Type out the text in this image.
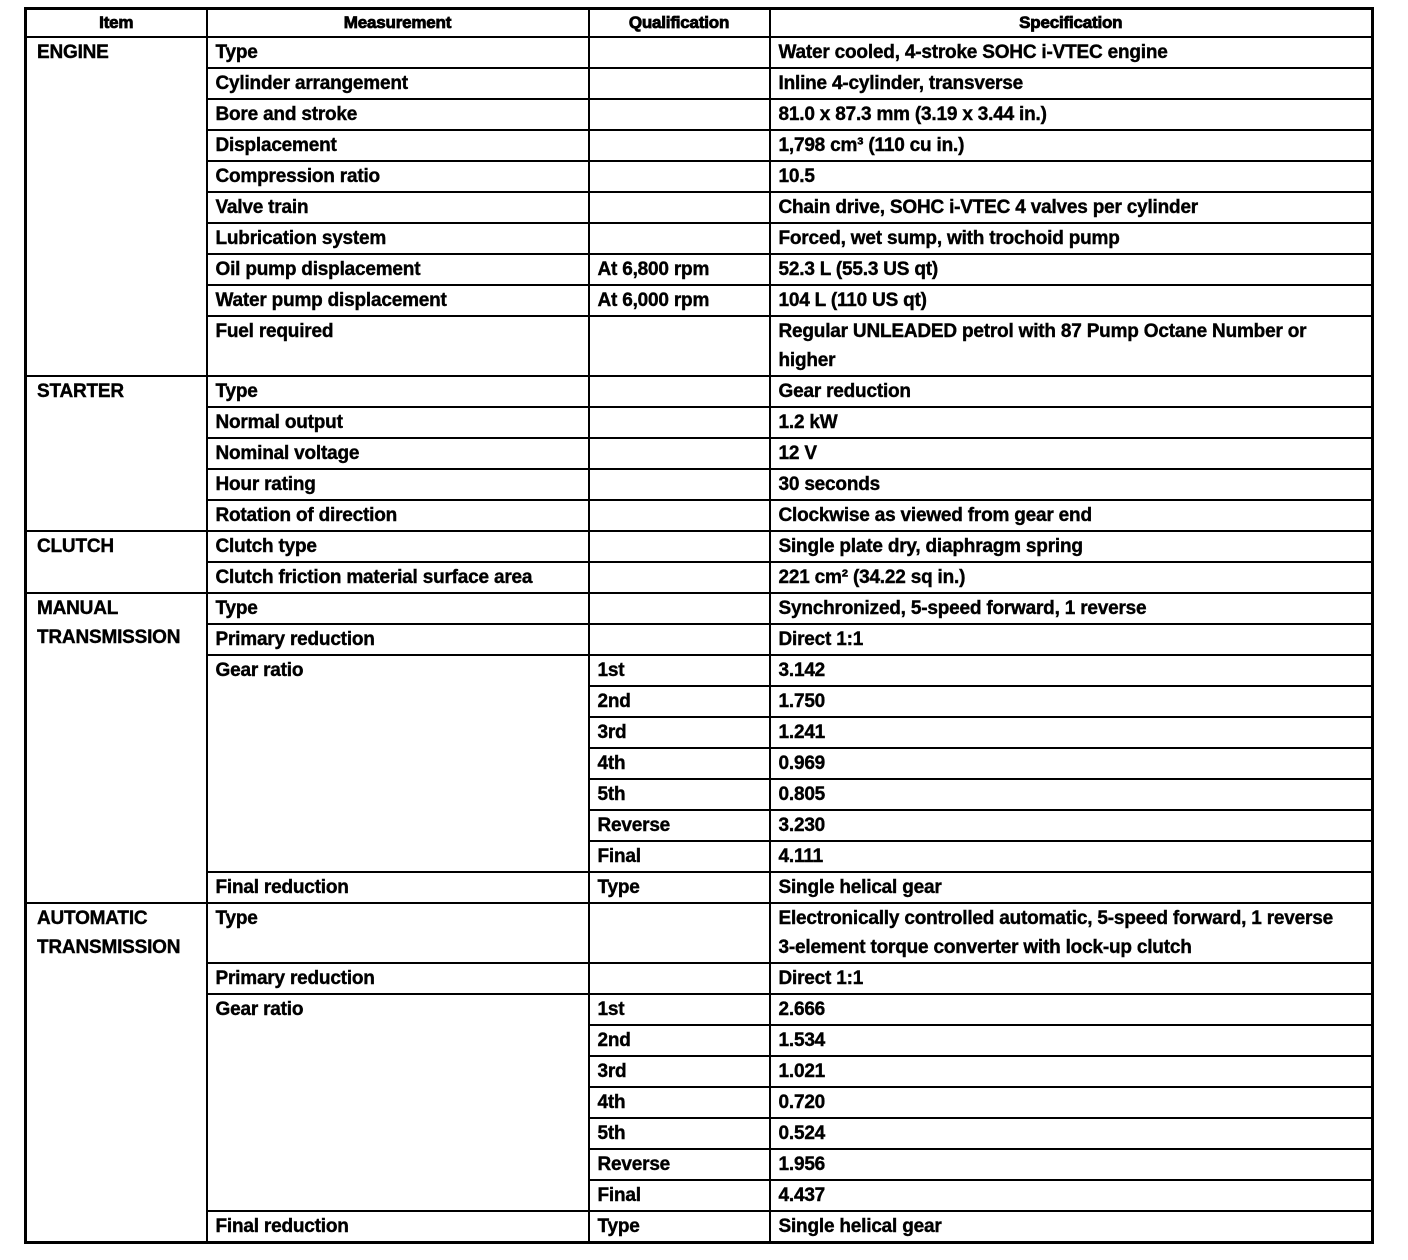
Item	Measurement	Qualification	Specification
ENGINE	Type		Water cooled, 4-stroke SOHC i-VTEC engine
	Cylinder arrangement		Inline 4-cylinder, transverse
	Bore and stroke		81.0 x 87.3 mm (3.19 x 3.44 in.)
	Displacement		1,798 cm³ (110 cu in.)
	Compression ratio		10.5
	Valve train		Chain drive, SOHC i-VTEC 4 valves per cylinder
	Lubrication system		Forced, wet sump, with trochoid pump
	Oil pump displacement	At 6,800 rpm	52.3 L (55.3 US qt)
	Water pump displacement	At 6,000 rpm	104 L (110 US qt)
	Fuel required		Regular UNLEADED petrol with 87 Pump Octane Number or higher
STARTER	Type		Gear reduction
	Normal output		1.2 kW
	Nominal voltage		12 V
	Hour rating		30 seconds
	Rotation of direction		Clockwise as viewed from gear end
CLUTCH	Clutch type		Single plate dry, diaphragm spring
	Clutch friction material surface area		221 cm² (34.22 sq in.)
MANUAL
TRANSMISSION	Type		Synchronized, 5-speed forward, 1 reverse
	Primary reduction		Direct 1:1
	Gear ratio	1st	3.142
		2nd	1.750
		3rd	1.241
		4th	0.969
		5th	0.805
		Reverse	3.230
		Final	4.111
	Final reduction	Type	Single helical gear
AUTOMATIC
TRANSMISSION	Type		Electronically controlled automatic, 5-speed forward, 1 reverse
3-element torque converter with lock-up clutch
	Primary reduction		Direct 1:1
	Gear ratio	1st	2.666
		2nd	1.534
		3rd	1.021
		4th	0.720
		5th	0.524
		Reverse	1.956
		Final	4.437
	Final reduction	Type	Single helical gear
